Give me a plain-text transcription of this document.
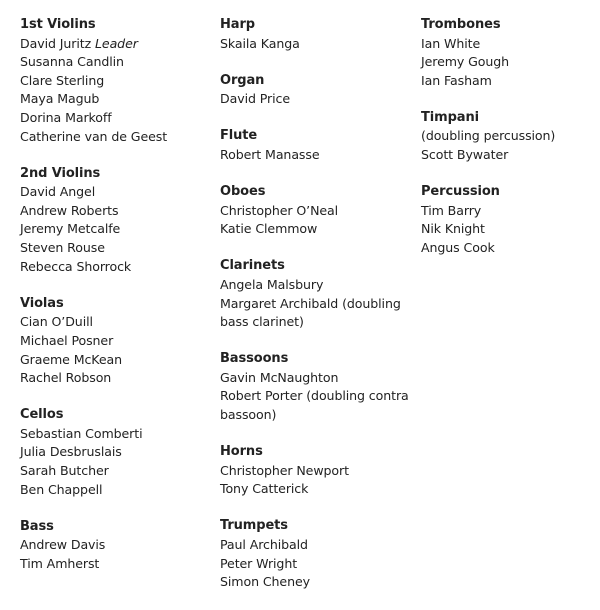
1st Violins
David Juritz Leader
Susanna Candlin
Clare Sterling
Maya Magub
Dorina Markoff
Catherine van de Geest
2nd Violins
David Angel
Andrew Roberts
Jeremy Metcalfe
Steven Rouse
Rebecca Shorrock
Violas
Cian O’Duill
Michael Posner
Graeme McKean
Rachel Robson
Cellos
Sebastian Comberti
Julia Desbruslais
Sarah Butcher
Ben Chappell
Bass
Andrew Davis
Tim Amherst
Harp
Skaila Kanga
Organ
David Price
Flute
Robert Manasse
Oboes
Christopher O’Neal
Katie Clemmow
Clarinets
Angela Malsbury
Margaret Archibald (doubling
bass clarinet)
Bassoons
Gavin McNaughton
Robert Porter (doubling contra
bassoon)
Horns
Christopher Newport
Tony Catterick
Trumpets
Paul Archibald
Peter Wright
Simon Cheney
Trombones
Ian White
Jeremy Gough
Ian Fasham
Timpani
(doubling percussion)
Scott Bywater
Percussion
Tim Barry
Nik Knight
Angus Cook
